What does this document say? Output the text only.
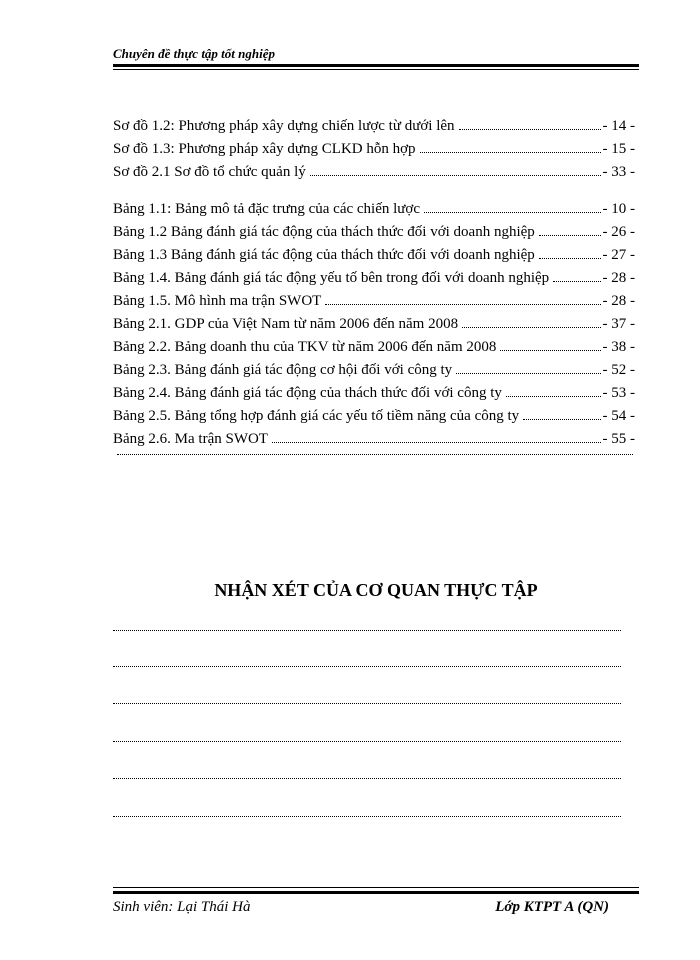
Chuyên đề thực tập tốt nghiệp
Sơ đồ 1.2: Phương pháp xây dựng chiến lược từ dưới lên	- 14 -
Sơ đồ 1.3: Phương pháp xây dựng CLKD hỗn hợp	- 15 -
Sơ đồ 2.1 Sơ đồ tổ chức quản lý	- 33 -
Bảng 1.1: Bảng mô tả đặc trưng của các chiến lược	- 10 -
Bảng 1.2 Bảng đánh giá tác động của thách thức đối với doanh nghiệp	- 26 -
Bảng 1.3 Bảng đánh giá tác động của thách thức đối với doanh nghiệp	- 27 -
Bảng 1.4. Bảng đánh giá tác động yếu tố bên trong đối với doanh nghiệp	- 28 -
Bảng 1.5. Mô hình ma trận SWOT	- 28 -
Bảng 2.1. GDP của Việt Nam từ năm 2006 đến năm 2008	- 37 -
Bảng 2.2. Bảng doanh thu của TKV từ năm 2006 đến năm 2008	- 38 -
Bảng 2.3. Bảng đánh giá tác động cơ hội đối với công ty	- 52 -
Bảng 2.4. Bảng đánh giá tác động của thách thức đối với công ty	- 53 -
Bảng 2.5. Bảng tổng hợp đánh giá các yếu tố tiềm năng của công ty	- 54 -
Bảng 2.6. Ma trận SWOT	- 55 -
NHẬN XÉT CỦA CƠ QUAN THỰC TẬP
Sinh viên: Lại Thái Hà	Lớp KTPT A (QN)
